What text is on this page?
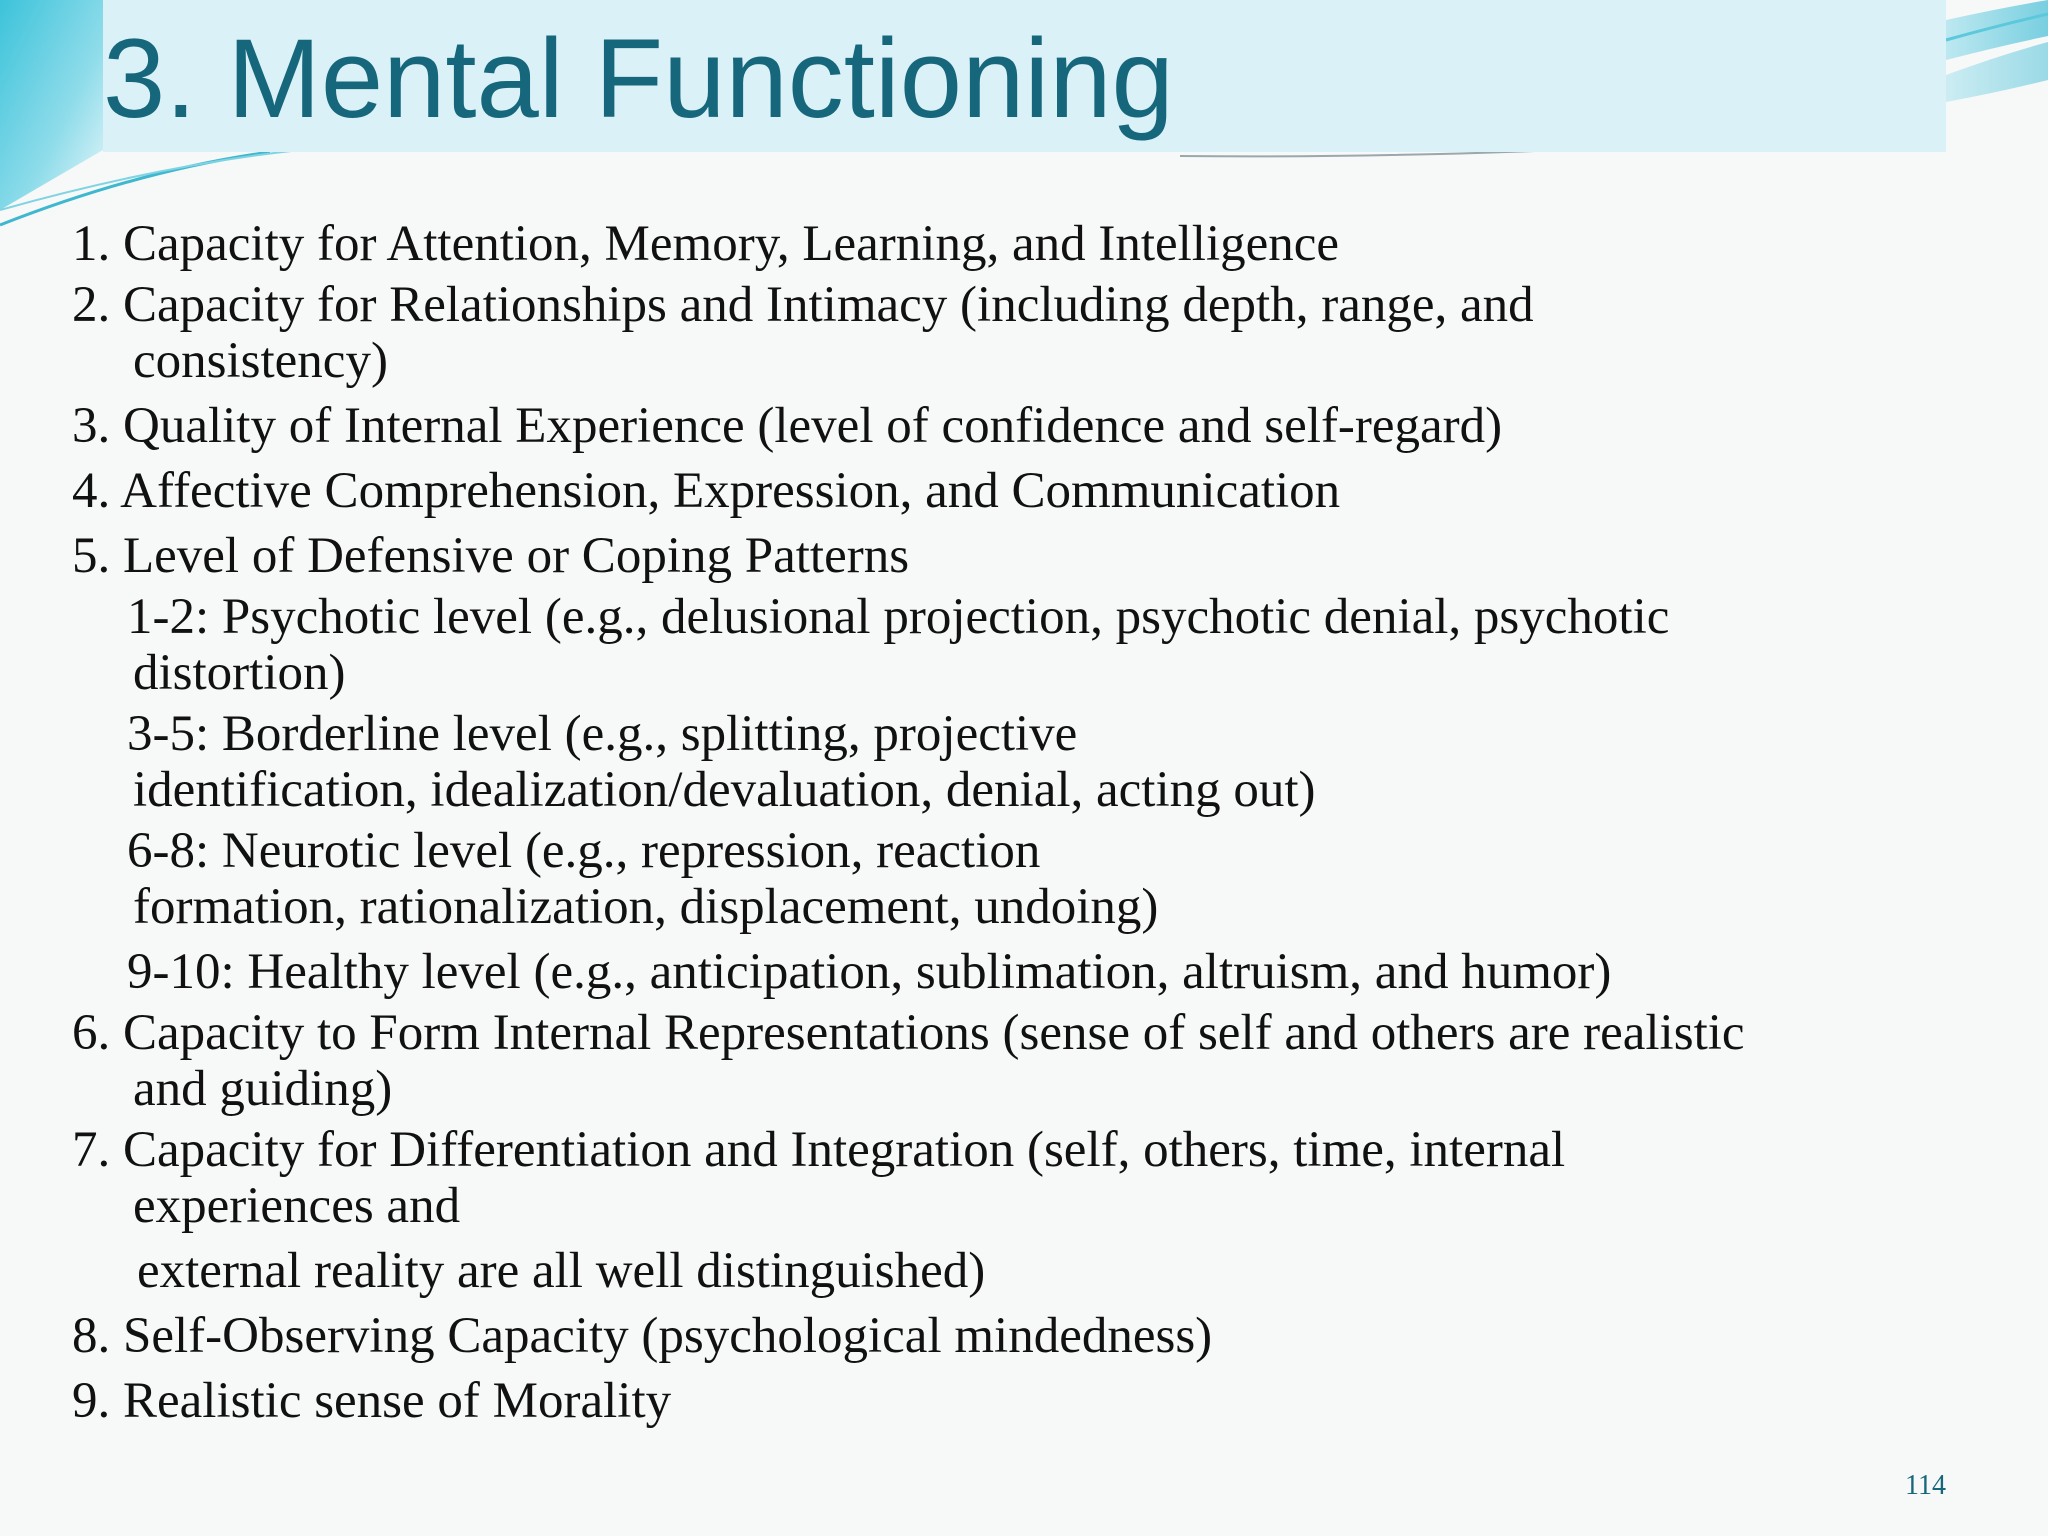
3. Mental Functioning
1. Capacity for Attention, Memory, Learning, and Intelligence
2. Capacity for Relationships and Intimacy (including depth, range, and
consistency)
3. Quality of Internal Experience (level of confidence and self-regard)
4. Affective Comprehension, Expression, and Communication
5. Level of Defensive or Coping Patterns
1-2: Psychotic level (e.g., delusional projection, psychotic denial, psychotic
distortion)
3-5: Borderline level (e.g., splitting, projective
identification, idealization/devaluation, denial, acting out)
6-8: Neurotic level (e.g., repression, reaction
formation, rationalization, displacement, undoing)
9-10: Healthy level (e.g., anticipation, sublimation, altruism, and humor)
6. Capacity to Form Internal Representations (sense of self and others are realistic
and guiding)
7. Capacity for Differentiation and Integration (self, others, time, internal
experiences and
external reality are all well distinguished)
8. Self-Observing Capacity (psychological mindedness)
9. Realistic sense of Morality
114
